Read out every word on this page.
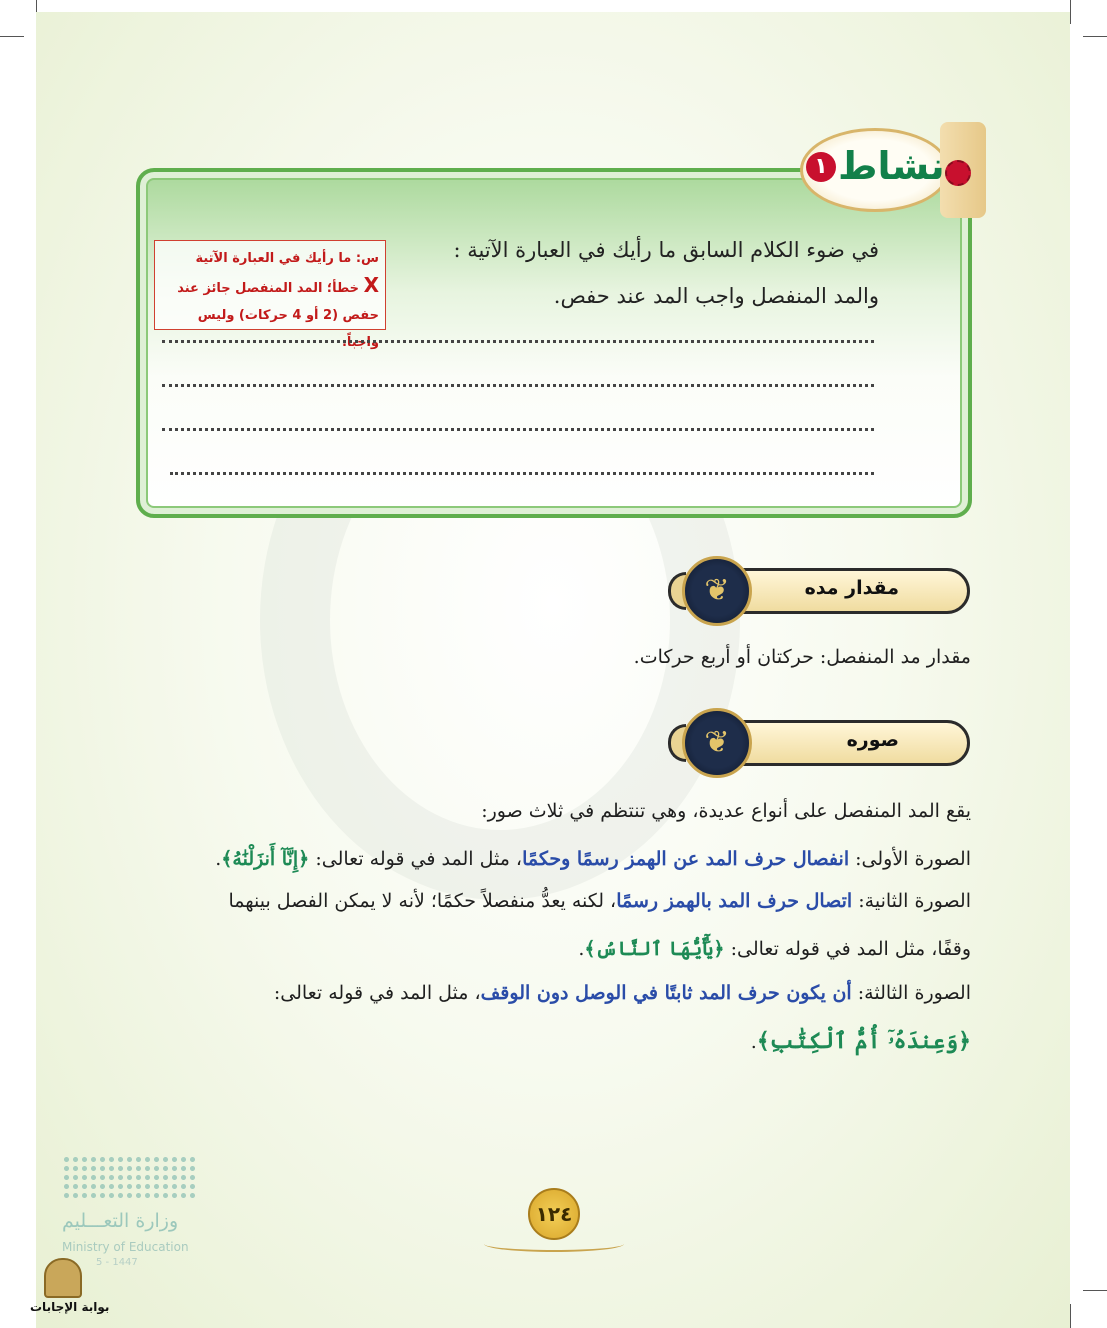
نشاط
١
في ضوء الكلام السابق ما رأيك في العبارة الآتية :
والمد المنفصل واجب المد عند حفص.
س: ما رأيك في العبارة الآتية
X خطأ؛ المد المنفصل جائز عند
حفص (2 أو 4 حركات) وليس واجباً.
مقدار مده
❦
مقدار مد المنفصل: حركتان أو أربع حركات.
صوره
❦
يقع المد المنفصل على أنواع عديدة، وهي تنتظم في ثلاث صور:
الصورة الأولى: انفصال حرف المد عن الهمز رسمًا وحكمًا، مثل المد في قوله تعالى: ﴿إِنَّآ أَنزَلْنَٰهُ﴾.
الصورة الثانية: اتصال حرف المد بالهمز رسمًا، لكنه يعدُّ منفصلاً حكمًا؛ لأنه لا يمكن الفصل بينهما
وقفًا، مثل المد في قوله تعالى: ﴿يَٰٓأَيُّهَا ٱلنَّاسُ﴾.
الصورة الثالثة: أن يكون حرف المد ثابتًا في الوصل دون الوقف، مثل المد في قوله تعالى:
﴿وَعِندَهُۥٓ أُمُّ ٱلْكِتَٰبِ﴾.
١٢٤
وزارة التعـــليم
Ministry of Education
5 - 1447
بوابة الإجابات
